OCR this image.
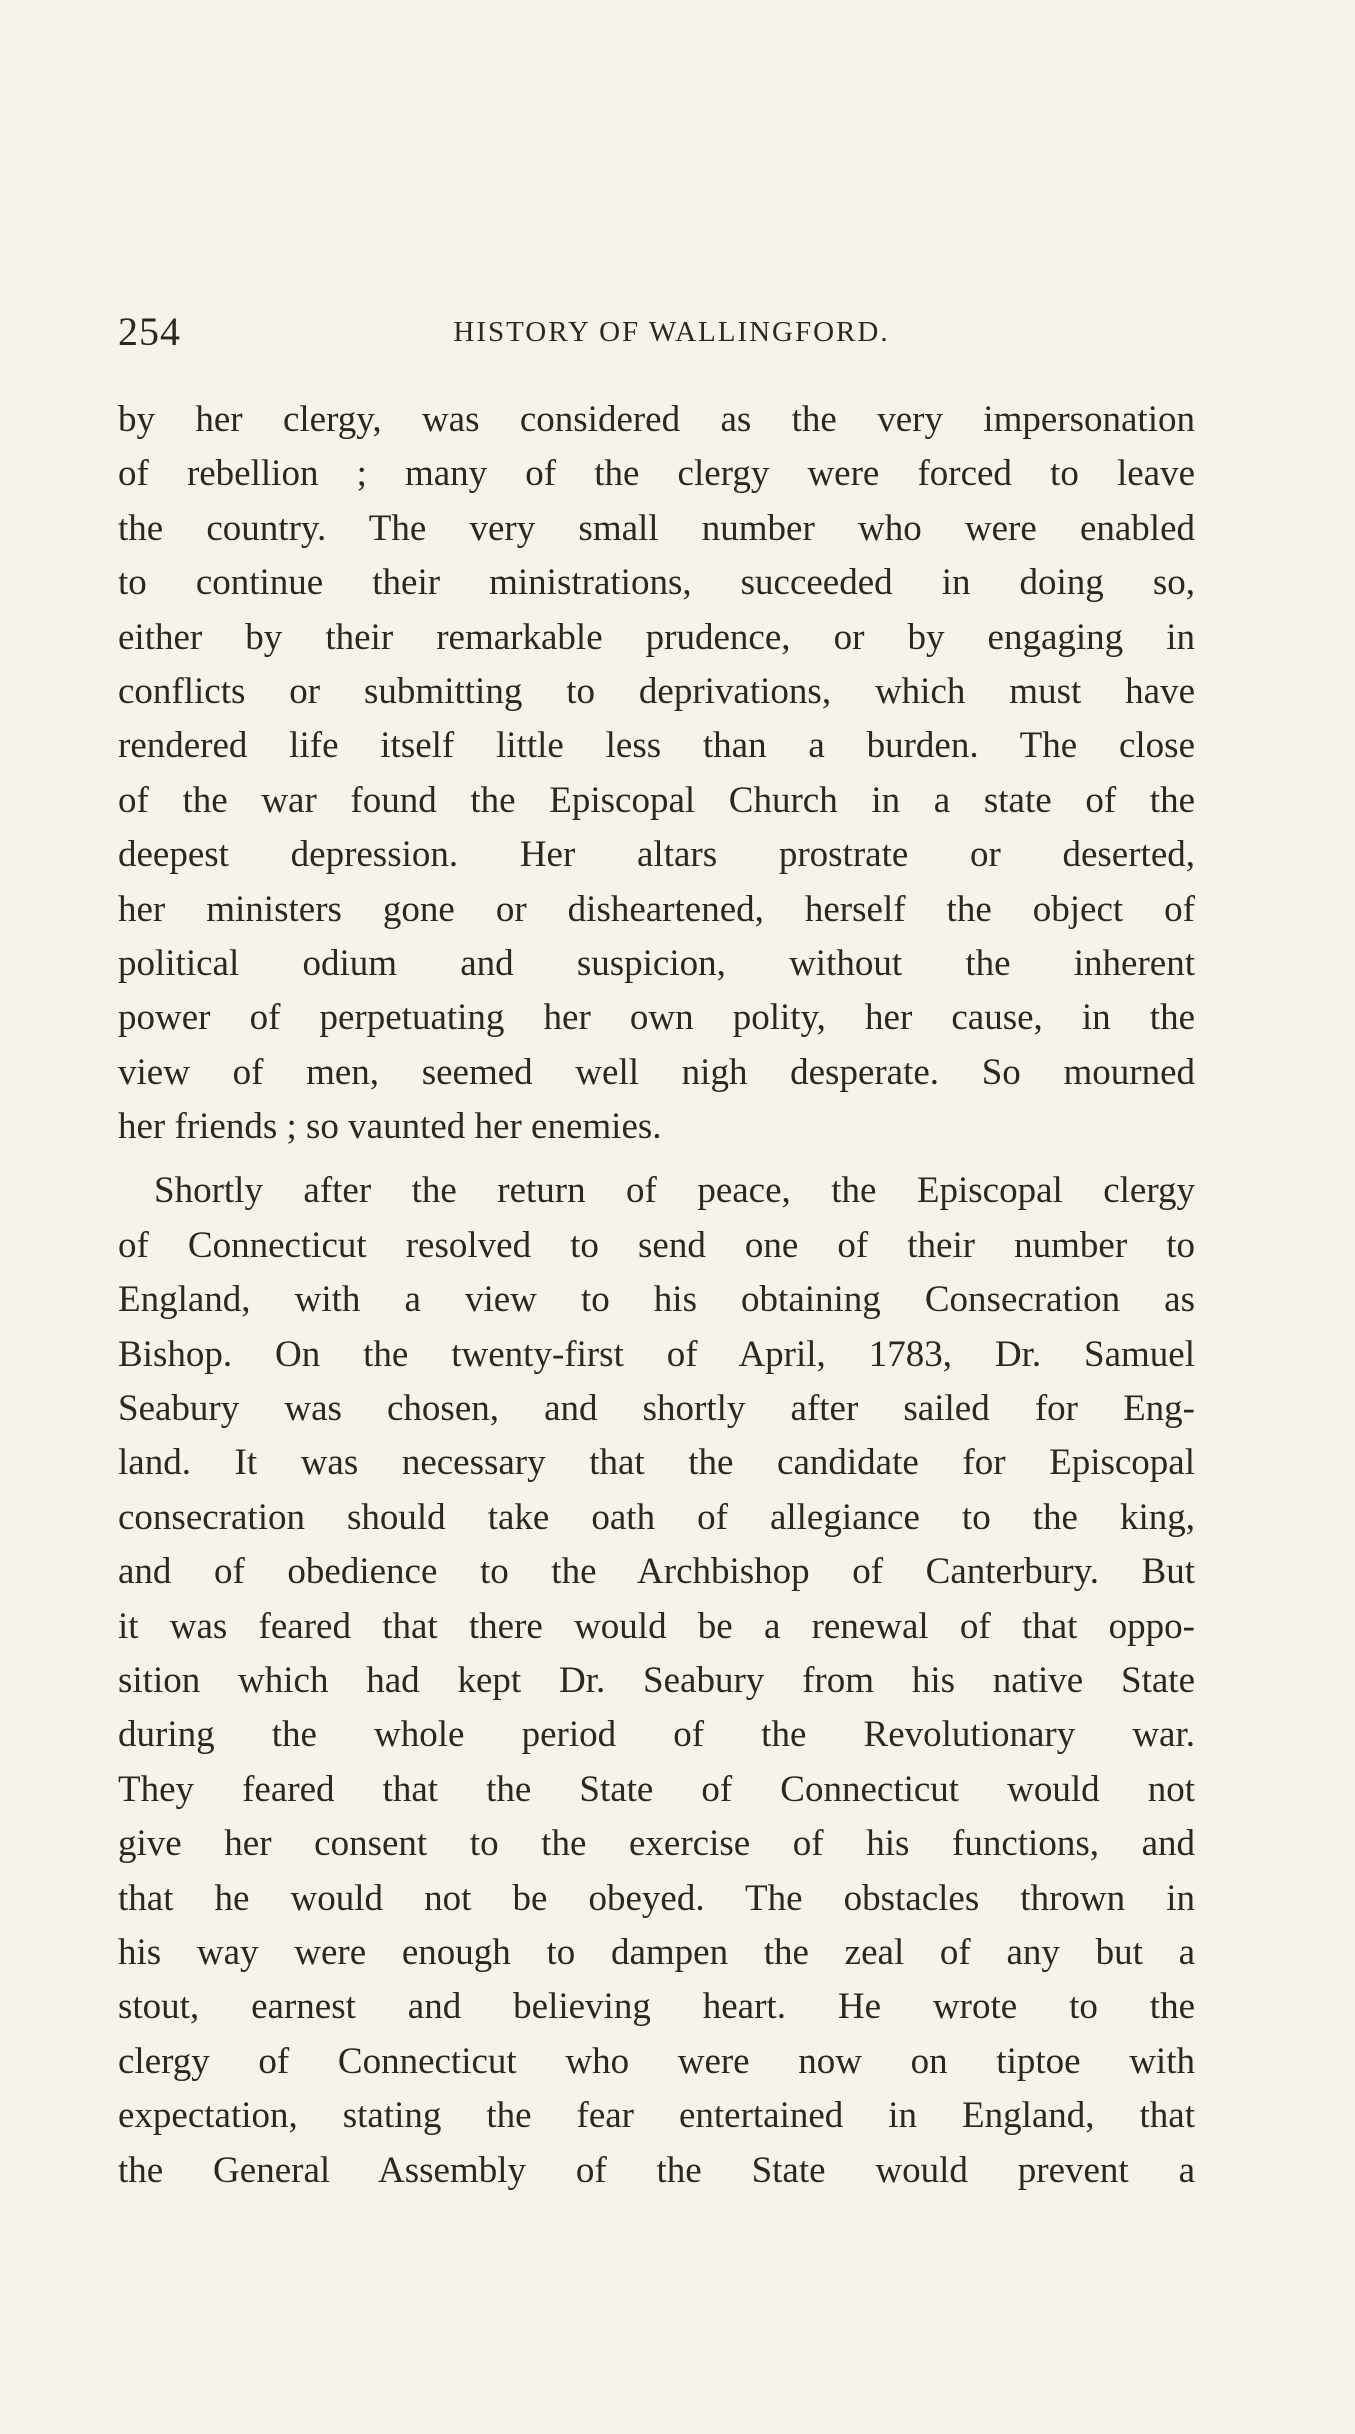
254	HISTORY OF WALLINGFORD.
by her clergy, was considered as the very impersonation
of rebellion ; many of the clergy were forced to leave
the country. The very small number who were enabled
to continue their ministrations, succeeded in doing so,
either by their remarkable prudence, or by engaging in
conflicts or submitting to deprivations, which must have
rendered life itself little less than a burden. The close
of the war found the Episcopal Church in a state of the
deepest depression. Her altars prostrate or deserted,
her ministers gone or disheartened, herself the object of
political odium and suspicion, without the inherent
power of perpetuating her own polity, her cause, in the
view of men, seemed well nigh desperate. So mourned
her friends ; so vaunted her enemies.
Shortly after the return of peace, the Episcopal clergy
of Connecticut resolved to send one of their number to
England, with a view to his obtaining Consecration as
Bishop. On the twenty-first of April, 1783, Dr. Samuel
Seabury was chosen, and shortly after sailed for Eng-
land. It was necessary that the candidate for Episcopal
consecration should take oath of allegiance to the king,
and of obedience to the Archbishop of Canterbury. But
it was feared that there would be a renewal of that oppo-
sition which had kept Dr. Seabury from his native State
during the whole period of the Revolutionary war.
They feared that the State of Connecticut would not
give her consent to the exercise of his functions, and
that he would not be obeyed. The obstacles thrown in
his way were enough to dampen the zeal of any but a
stout, earnest and believing heart. He wrote to the
clergy of Connecticut who were now on tiptoe with
expectation, stating the fear entertained in England, that
the General Assembly of the State would prevent a
